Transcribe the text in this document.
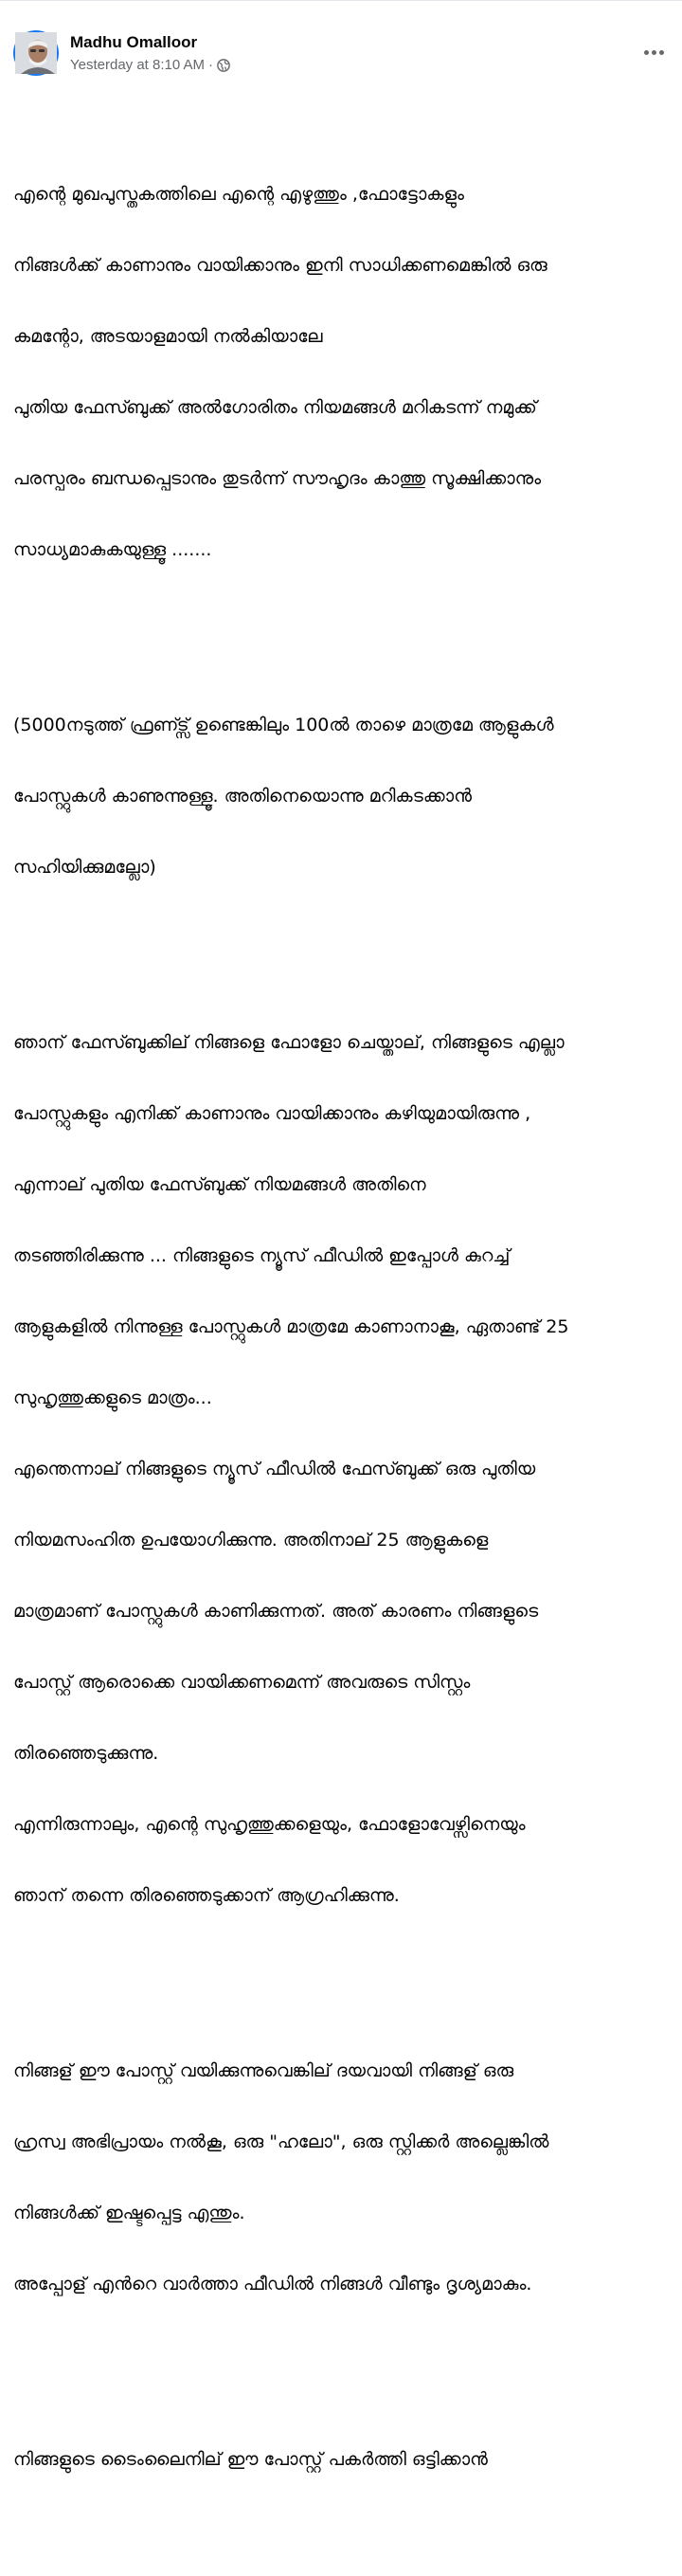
Madhu Omalloor
Yesterday at 8:10 AM ·

എന്റെ മുഖപുസ്തകത്തിലെ എന്റെ എഴുത്തും ,ഫോട്ടോകളും

നിങ്ങൾക്ക് കാണാനും വായിക്കാനും ഇനി സാധിക്കണമെങ്കിൽ ഒരു

കമന്റോ, അടയാളമായി നൽകിയാലേ

പുതിയ ഫേസ്ബുക്ക് അൽഗോരിതം നിയമങ്ങൾ മറികടന്ന് നമുക്ക്

പരസ്പരം ബന്ധപ്പെടാനും തുടർന്ന് സൗഹൃദം കാത്തു സൂക്ഷിക്കാനും

സാധ്യമാകുകയുള്ളൂ .......

(5000നടുത്ത് ഫ്രണ്ട്സ് ഉണ്ടെങ്കിലും 100ൽ താഴെ മാത്രമേ ആളുകൾ

പോസ്റ്റുകൾ കാണുന്നുള്ളൂ. അതിനെയൊന്നു മറികടക്കാൻ

സഹിയിക്കുമല്ലോ)

ഞാന് ഫേസ്ബുക്കില് നിങ്ങളെ ഫോളോ ചെയ്താല്, നിങ്ങളുടെ എല്ലാ

പോസ്റ്റുകളും എനിക്ക് കാണാനും വായിക്കാനും കഴിയുമായിരുന്നു ,

എന്നാല് പുതിയ ഫേസ്ബുക്ക് നിയമങ്ങൾ അതിനെ

തടഞ്ഞിരിക്കുന്നു ... നിങ്ങളുടെ ന്യൂസ് ഫീഡിൽ ഇപ്പോൾ കുറച്ച്

ആളുകളിൽ നിന്നുള്ള പോസ്റ്റുകൾ മാത്രമേ കാണാനാകൂ, ഏതാണ്ട് 25

സുഹൃത്തുക്കളുടെ മാത്രം...

എന്തെന്നാല് നിങ്ങളുടെ ന്യൂസ് ഫീഡിൽ ഫേസ്ബുക്ക് ഒരു പുതിയ

നിയമസംഹിത ഉപയോഗിക്കുന്നു. അതിനാല് 25 ആളുകളെ

മാത്രമാണ് പോസ്റ്റുകൾ കാണിക്കുന്നത്. അത് കാരണം നിങ്ങളുടെ

പോസ്റ്റ് ആരൊക്കെ വായിക്കണമെന്ന് അവരുടെ സിസ്റ്റം

തിരഞ്ഞെടുക്കുന്നു.

എന്നിരുന്നാലും, എന്റെ സുഹൃത്തുക്കളെയും, ഫോളോവേഴ്സിനെയും

ഞാന് തന്നെ തിരഞ്ഞെടുക്കാന് ആഗ്രഹിക്കുന്നു.

നിങ്ങള് ഈ പോസ്റ്റ് വയിക്കുന്നുവെങ്കില് ദയവായി നിങ്ങള് ഒരു

ഹ്രസ്വ അഭിപ്രായം നൽകൂ, ഒരു "ഹലോ", ഒരു സ്റ്റിക്കർ അല്ലെങ്കിൽ

നിങ്ങൾക്ക് ഇഷ്ടപ്പെട്ട എന്തും.

അപ്പോള് എൻറെ വാർത്താ ഫീഡിൽ നിങ്ങൾ വീണ്ടും ദൃശ്യമാകും.

നിങ്ങളുടെ ടൈംലൈനില് ഈ പോസ്റ്റ് പകർത്തി ഒട്ടിക്കാൻ
